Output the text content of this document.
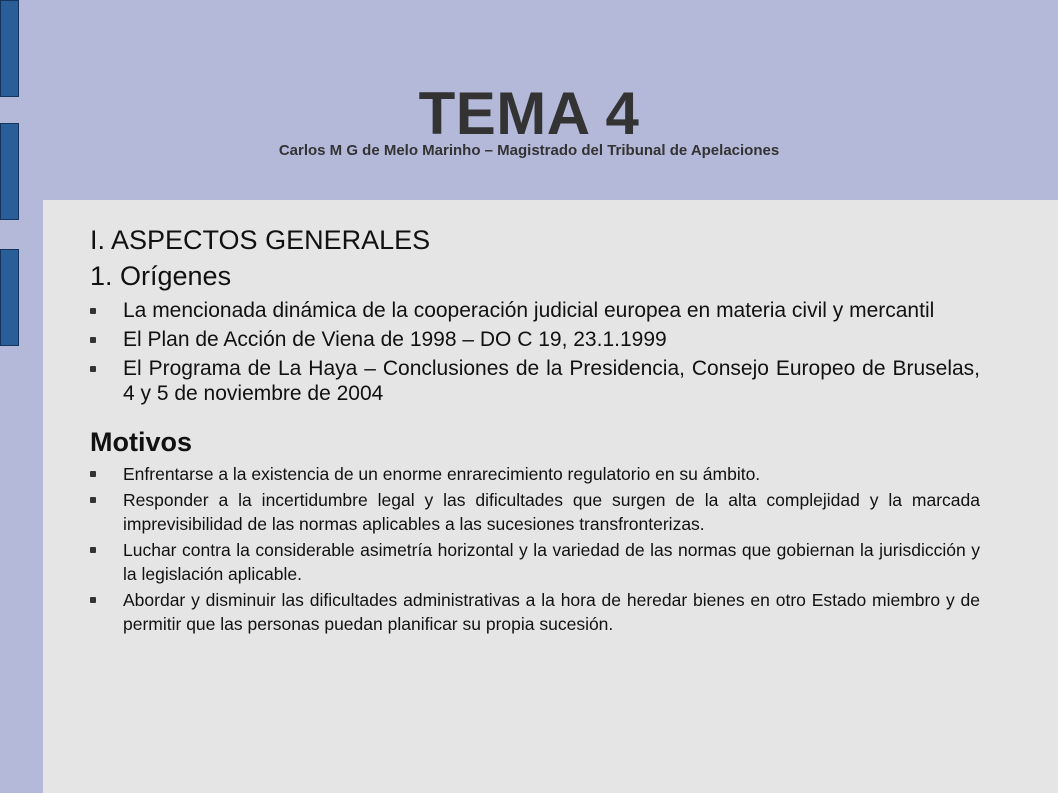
TEMA 4
Carlos M G de Melo Marinho – Magistrado del Tribunal de Apelaciones
I. ASPECTOS GENERALES
1. Orígenes
La mencionada dinámica de la cooperación judicial europea en materia civil y mercantil
El Plan de Acción de Viena de 1998 – DO C 19, 23.1.1999
El Programa de La Haya – Conclusiones de la Presidencia, Consejo Europeo de Bruselas, 4 y 5 de noviembre de 2004
Motivos
Enfrentarse a la existencia de un enorme enrarecimiento regulatorio en su ámbito.
Responder a la incertidumbre legal y las dificultades que surgen de la alta complejidad y la marcada imprevisibilidad de las normas aplicables a las sucesiones transfronterizas.
Luchar contra la considerable asimetría horizontal y la variedad de las normas que gobiernan la jurisdicción y la legislación aplicable.
Abordar y disminuir las dificultades administrativas a la hora de heredar bienes en otro Estado miembro y de permitir que las personas puedan planificar su propia sucesión.
